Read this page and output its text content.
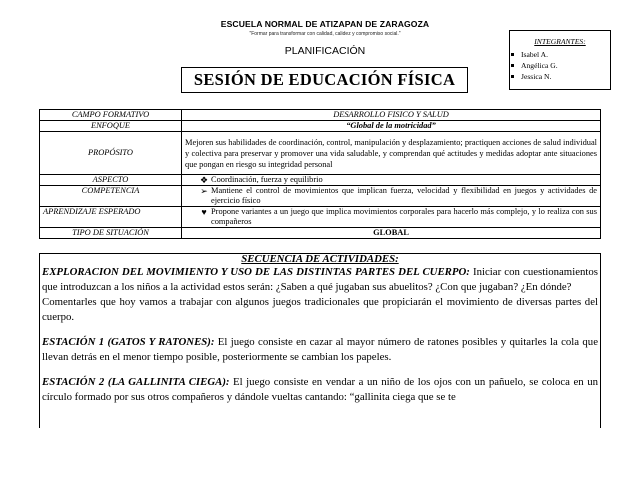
ESCUELA NORMAL DE ATIZAPAN DE ZARAGOZA
"Formar para transformar con calidad, calidez y compromiso social."
PLANIFICACIÓN
SESIÓN DE EDUCACIÓN FÍSICA
INTEGRANTES:
Isabel A.
Angélica G.
Jessica N.
CAMPO FORMATIVO	DESARROLLO FISICO Y SALUD
ENFOQUE	“Global de la motricidad”
PROPÓSITO	Mejoren sus habilidades de coordinación, control, manipulación y desplazamiento; practiquen acciones de salud individual y colectiva para preservar y promover una vida saludable, y comprendan qué actitudes y medidas adoptar ante situaciones que pongan en riesgo su integridad personal
ASPECTO	❖ Coordinación, fuerza y equilibrio

COMPETENCIA	➢ Mantiene el control de movimientos que implican fuerza, velocidad y flexibilidad en juegos y actividades de ejercicio físico

APRENDIZAJE ESPERADO	♥ Propone variantes a un juego que implica movimientos corporales para hacerlo más complejo, y lo realiza con sus compañeros

TIPO DE SITUACIÓN	GLOBAL
SECUENCIA DE ACTIVIDADES:

EXPLORACION DEL MOVIMIENTO Y USO DE LAS DISTINTAS PARTES DEL CUERPO: Iniciar con cuestionamientos que introduzcan a los niños a la actividad estos serán: ¿Saben a qué jugaban sus abuelitos? ¿Con que jugaban? ¿En dónde?

Comentarles que hoy vamos a trabajar con algunos juegos tradicionales que propiciarán el movimiento de diversas partes del cuerpo.

ESTACIÓN 1 (GATOS Y RATONES): El juego consiste en cazar al mayor número de ratones posibles y quitarles la cola que llevan detrás en el menor tiempo posible, posteriormente se cambian los papeles.

ESTACIÓN 2 (LA GALLINITA CIEGA): El juego consiste en vendar a un niño de los ojos con un pañuelo, se coloca en un círculo formado por sus otros compañeros y dándole vueltas cantando: “gallinita ciega que se te
